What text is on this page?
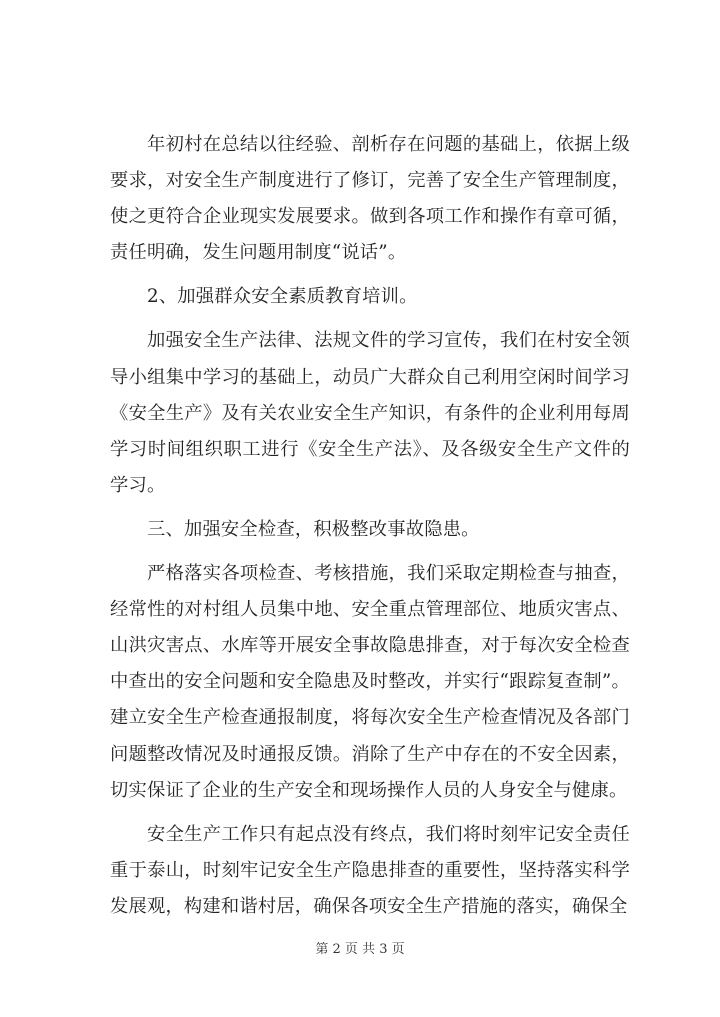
年初村在总结以往经验、剖析存在问题的基础上，依据上级要求，对安全生产制度进行了修订，完善了安全生产管理制度，使之更符合企业现实发展要求。做到各项工作和操作有章可循，责任明确，发生问题用制度“说话”。

2、加强群众安全素质教育培训。

加强安全生产法律、法规文件的学习宣传，我们在村安全领导小组集中学习的基础上，动员广大群众自己利用空闲时间学习《安全生产》及有关农业安全生产知识，有条件的企业利用每周学习时间组织职工进行《安全生产法》、及各级安全生产文件的学习。

三、加强安全检查，积极整改事故隐患。

严格落实各项检查、考核措施，我们采取定期检查与抽查，经常性的对村组人员集中地、安全重点管理部位、地质灾害点、山洪灾害点、水库等开展安全事故隐患排查，对于每次安全检查中查出的安全问题和安全隐患及时整改，并实行“跟踪复查制”。建立安全生产检查通报制度，将每次安全生产检查情况及各部门问题整改情况及时通报反馈。消除了生产中存在的不安全因素，切实保证了企业的生产安全和现场操作人员的人身安全与健康。

安全生产工作只有起点没有终点，我们将时刻牢记安全责任重于泰山，时刻牢记安全生产隐患排查的重要性，坚持落实科学发展观，构建和谐村居，确保各项安全生产措施的落实，确保全

第 2 页 共 3 页
